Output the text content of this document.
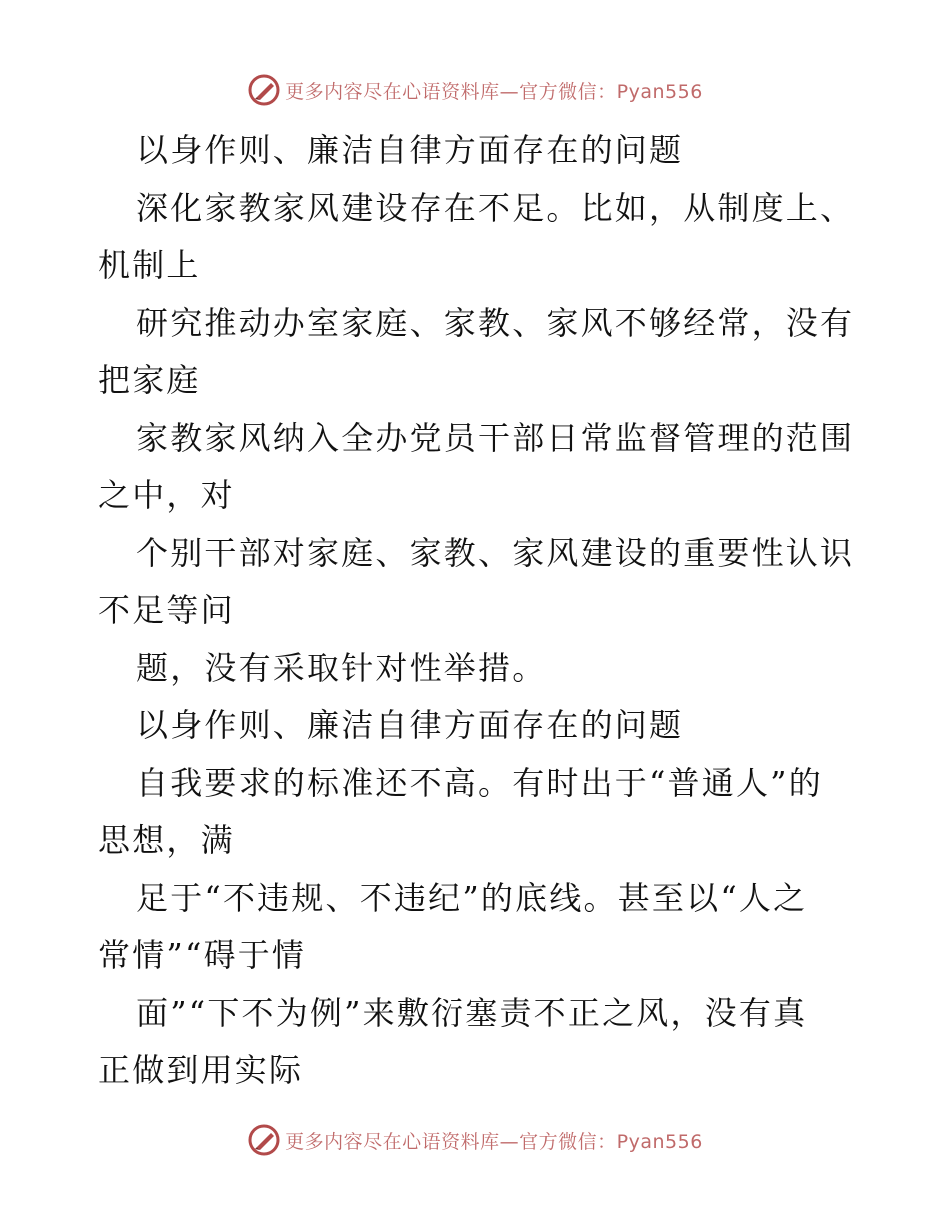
更多内容尽在心语资料库—官方微信：Pyan556
以身作则、廉洁自律方面存在的问题
深化家教家风建设存在不足。比如，从制度上、
机制上
研究推动办室家庭、家教、家风不够经常，没有
把家庭
家教家风纳入全办党员干部日常监督管理的范围
之中，对
个别干部对家庭、家教、家风建设的重要性认识
不足等问
题，没有采取针对性举措。
以身作则、廉洁自律方面存在的问题
自我要求的标准还不高。有时出于“普通人”的
思想，满
足于“不违规、不违纪”的底线。甚至以“人之
常情”“碍于情
面”“下不为例”来敷衍塞责不正之风，没有真
正做到用实际
更多内容尽在心语资料库—官方微信：Pyan556
